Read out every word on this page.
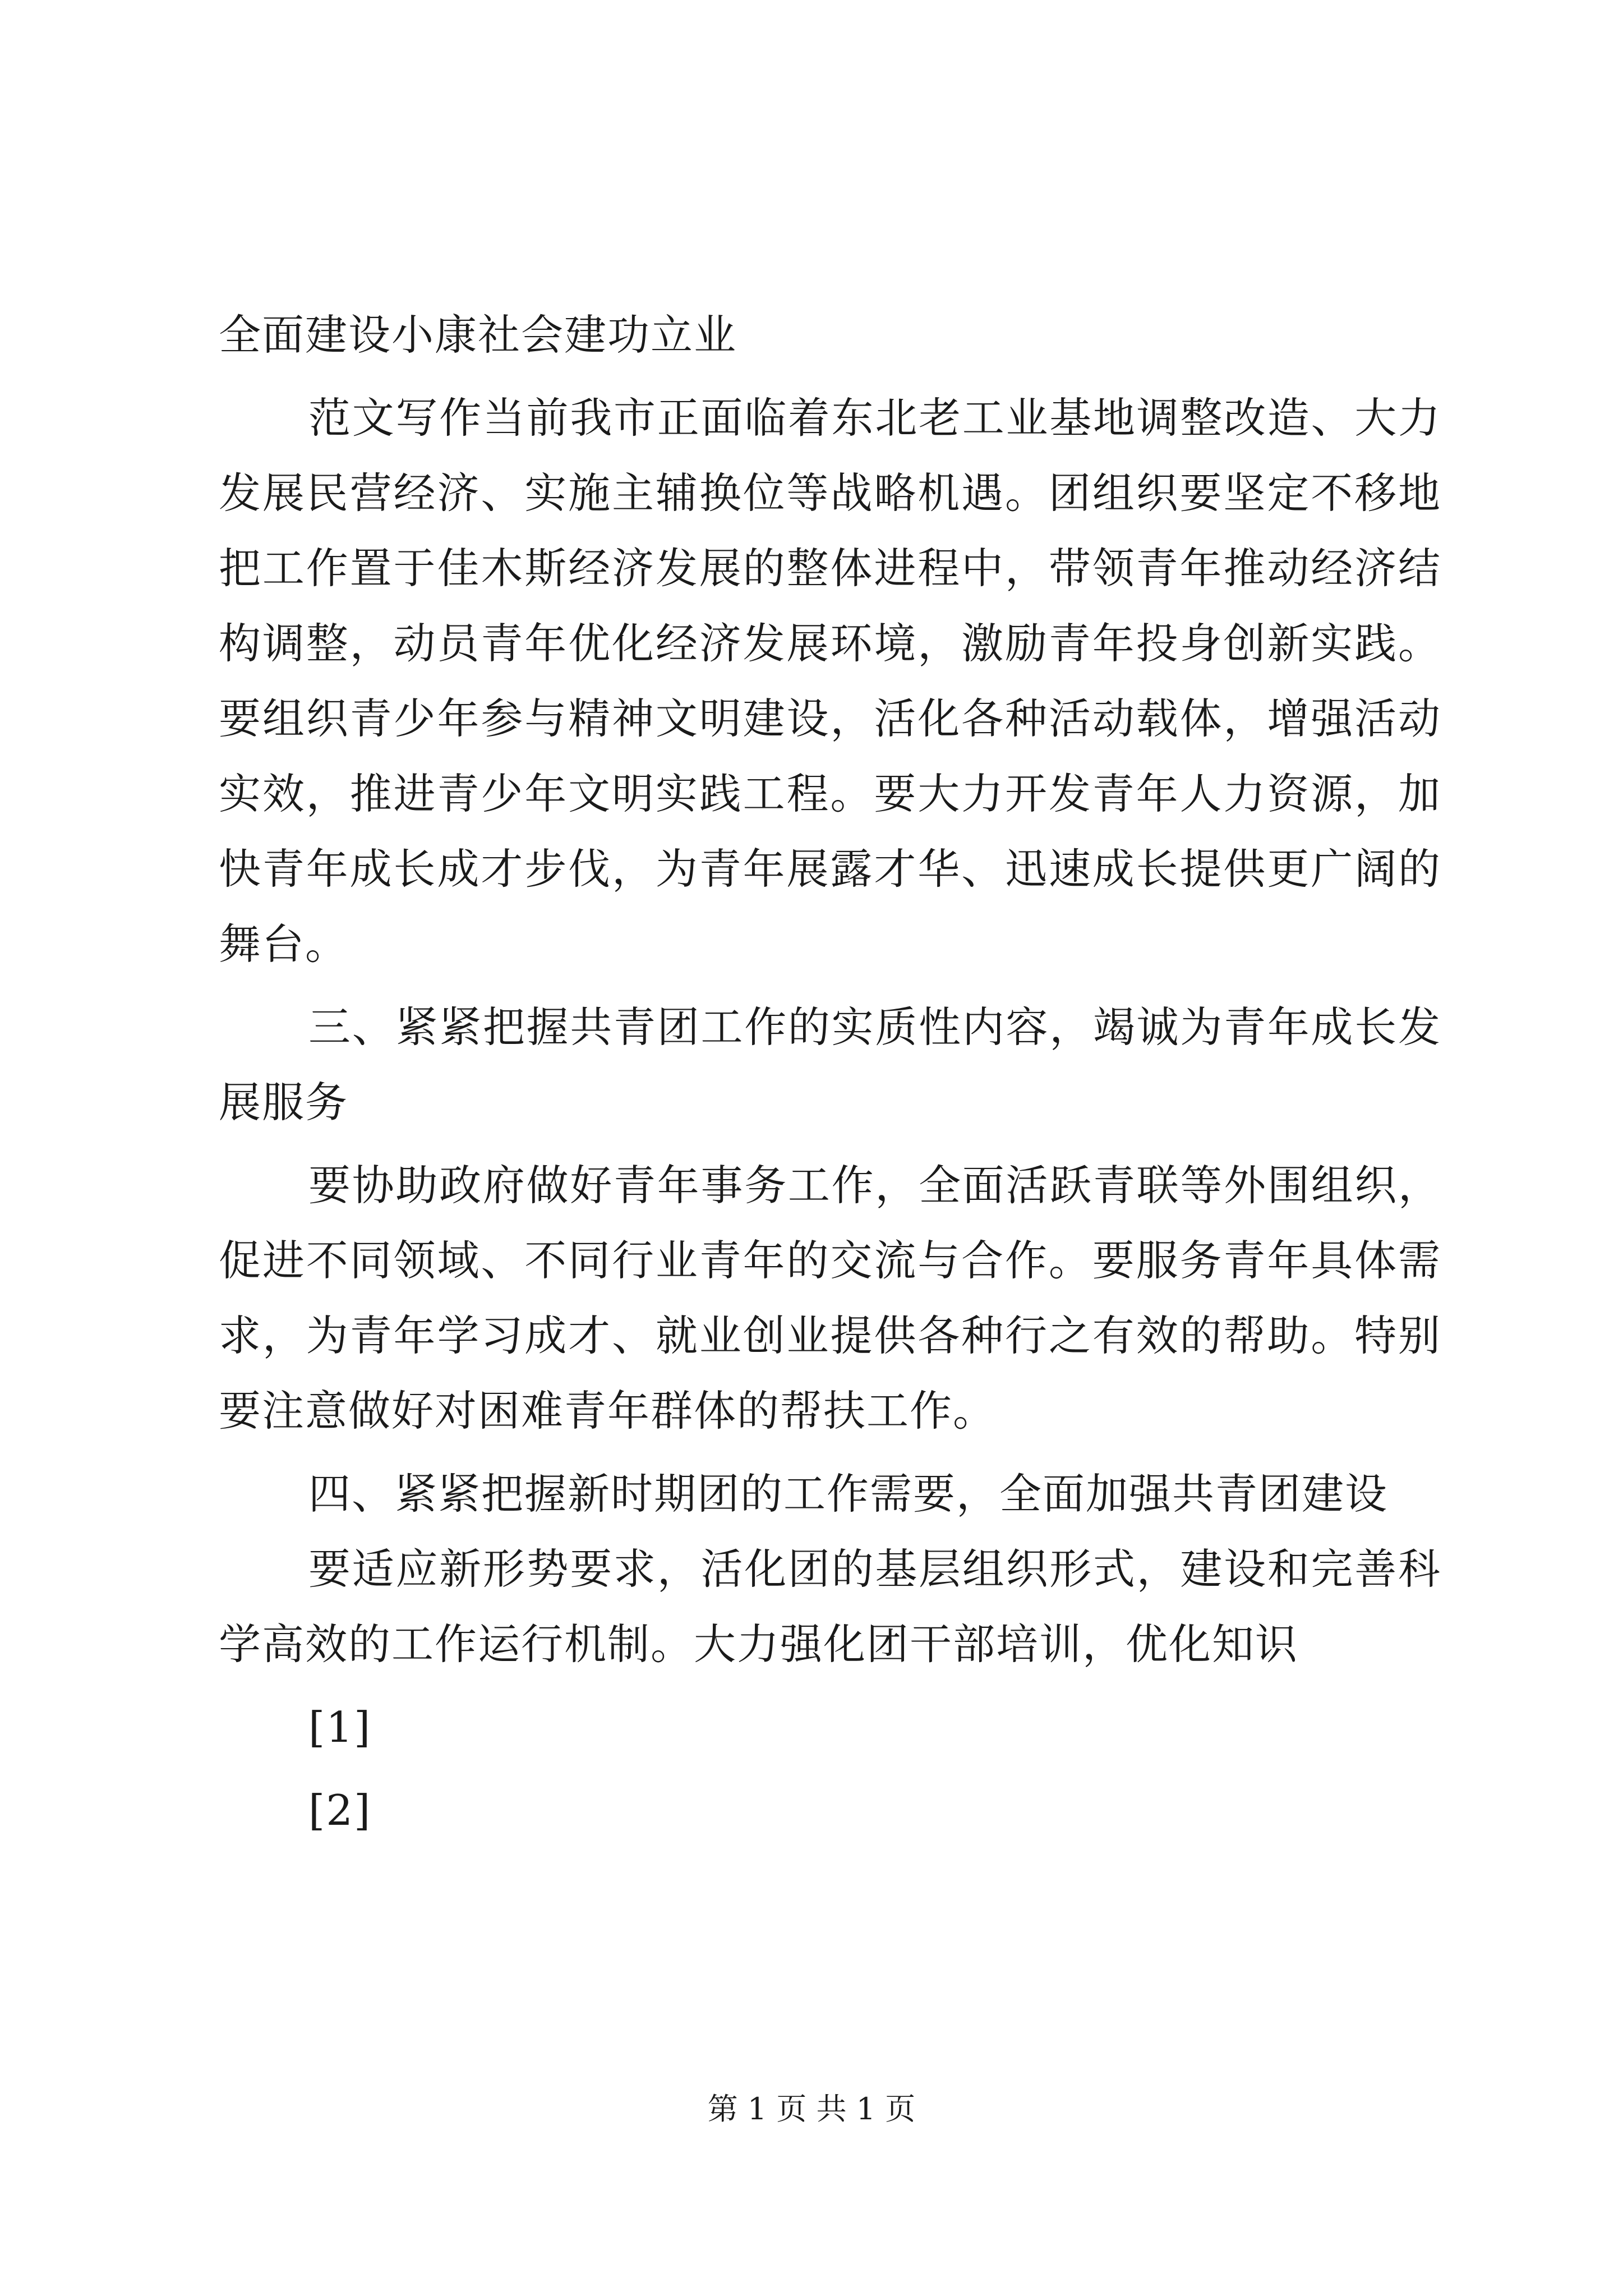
全面建设小康社会建功立业

范文写作当前我市正面临着东北老工业基地调整改造、大力发展民营经济、实施主辅换位等战略机遇。团组织要坚定不移地把工作置于佳木斯经济发展的整体进程中，带领青年推动经济结构调整，动员青年优化经济发展环境，激励青年投身创新实践。要组织青少年参与精神文明建设，活化各种活动载体，增强活动实效，推进青少年文明实践工程。要大力开发青年人力资源，加快青年成长成才步伐，为青年展露才华、迅速成长提供更广阔的舞台。

三、紧紧把握共青团工作的实质性内容，竭诚为青年成长发展服务

要协助政府做好青年事务工作，全面活跃青联等外围组织，促进不同领域、不同行业青年的交流与合作。要服务青年具体需求，为青年学习成才、就业创业提供各种行之有效的帮助。特别要注意做好对困难青年群体的帮扶工作。

四、紧紧把握新时期团的工作需要，全面加强共青团建设

要适应新形势要求，活化团的基层组织形式，建设和完善科学高效的工作运行机制。大力强化团干部培训，优化知识

[1]

[2]

第 1 页 共 1 页
